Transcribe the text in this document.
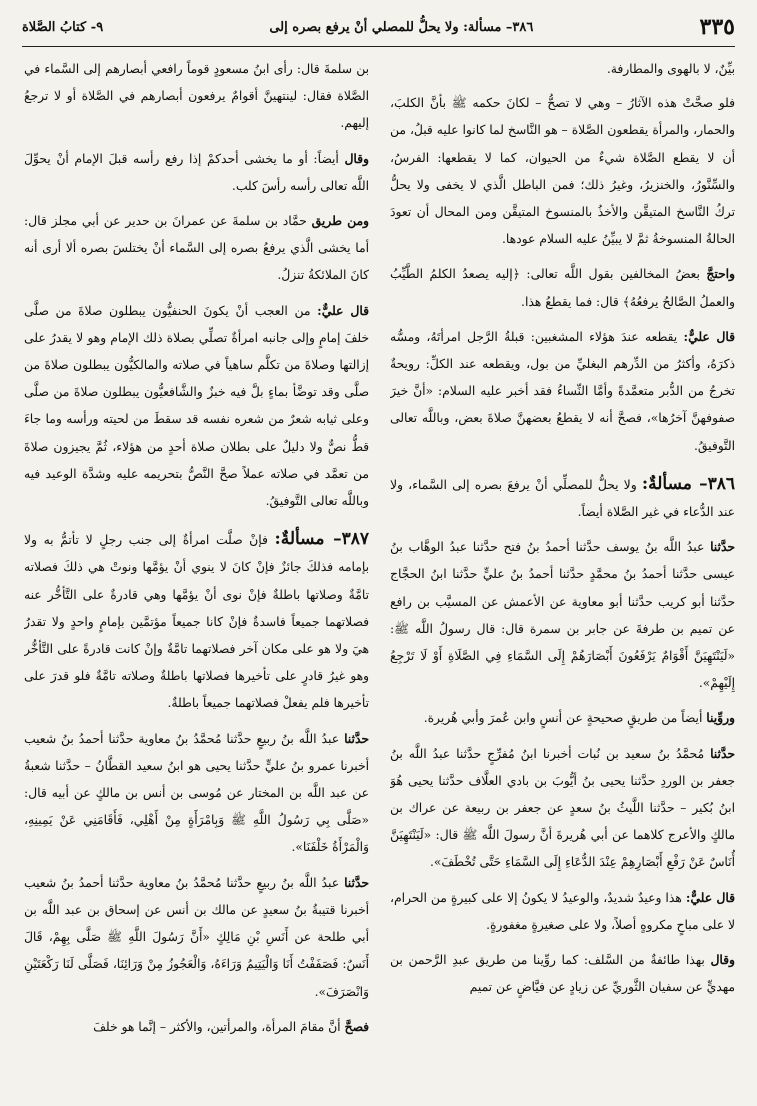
٣٣٥
٣٨٦– مسألة: ولا يحلُّ للمصلي أنْ يرفع بصره إلى
٩- كتابُ الصَّلاة

بيِّنٌ، لا بالهوى والمطارفة.

فلو صحَّتْ هذه الآثارُ – وهي لا تصحُّ – لكانَ حكمه ﷺ بأنَّ الكلبَ، والحمار، والمرأة يقطعون الصَّلاة – هو النَّاسخ لما كانوا عليه قبلُ، من أن لا يقطع الصَّلاة شيءٌ من الحيوان، كما لا يقطعها: الفرسُ، والسِّنَّورُ، والخنزيرُ، وغيرُ ذلك؛ فمن الباطل الَّذي لا يخفى ولا يحلُّ تركُ النَّاسخ المتيقَّن والأخذُ بالمنسوخ المتيقَّن ومن المحال أن تعودَ الحالةُ المنسوخةُ ثمَّ لا يبيِّنُ عليه السلام عودها.

واحتجَّ بعضُ المخالفين بقول اللَّه تعالى: ﴿إليه يصعدُ الكلمُ الطَّيِّبُ والعملُ الصَّالحُ يرفعُهُ﴾ قال: فما يقطعُ هذا.

قال عليٌّ: يقطعه عندَ هؤلاء المشغبين: قبلةُ الرَّجل امرأتَهُ، ومسُّه ذكرَهُ، وأكثرُ من الدِّرهم البغليِّ من بول، ويقطعه عند الكلِّ: رويحةٌ تخرجُ من الدُّبر متعمَّدةً وأمَّا النِّساءُ فقد أخبر عليه السلام: «أنَّ خيرَ صفوفهنَّ آخرُها»، فصحَّ أنه لا يقطعُ بعضهنَّ صلاةَ بعض، وباللَّه تعالى التَّوفيقُ.

٣٨٦– مسألةٌ: ولا يحلُّ للمصلِّي أنْ يرفعَ بصره إلى السَّماء، ولا عند الدُّعاء في غير الصَّلاة أيضاً.

حدَّثنا عبدُ اللَّه بنُ يوسف حدَّثنا أحمدُ بنُ فتح حدَّثنا عبدُ الوهَّاب بنُ عيسى حدَّثنا أحمدُ بنُ محمَّدٍ حدَّثنا أحمدُ بنُ عليٍّ حدَّثنا ابنُ الحجَّاج حدَّثنا أبو كريب حدَّثنا أبو معاوية عن الأعمش عن المسيَّب بن رافع عن تميم بن طرفةَ عن جابر بن سمرة قال: قال رسولُ اللَّه ﷺ: «لَيَنْتَهِيَنَّ أَقْوَامٌ يَرْفَعُونَ أَبْصَارَهُمْ إِلَى السَّمَاءِ فِي الصَّلَاةِ أَوْ لَا تَرْجِعُ إِلَيْهِمْ».

وروِّينا أيضاً من طريقٍ صحيحةٍ عن أنسٍ وابن عُمرَ وأبي هُريرة.

حدَّثنا مُحمَّدُ بنُ سعيد بن نُبات أخبرنا ابنُ مُفرِّجٍ حدَّثنا عبدُ اللَّه بنُ جعفر بن الوردِ حدَّثنا يحيى بنُ أيُّوبَ بن بادي العلَّاف حدَّثنا يحيى هُوَ ابنُ بُكير – حدَّثنا اللَّيثُ بنُ سعدٍ عن جعفر بن ربيعة عن عراك بن مالكٍ والأعرج كلاهما عن أبي هُريرةَ أنَّ رسولَ اللَّه ﷺ قال: «لَيَنْتَهِيَنَّ أُنَاسٌ عَنْ رَفْعِ أَبْصَارِهِمْ عِنْدَ الدُّعَاءِ إِلَى السَّمَاءِ حَتَّى تُخْطَفَ».

قال عليٌّ: هذا وعيدٌ شديدٌ، والوعيدُ لا يكونُ إلا على كبيرةٍ من الحرام، لا على مباحٍ مكروهٍ أصلاً، ولا على صغيرةٍ مغفورةٍ.

وقال بهذا طائفةٌ من السَّلف: كما روِّينا من طريق عبدِ الرَّحمن بن مهديٍّ عن سفيان الثَّوريِّ عن زيادٍ عن فيَّاضٍ عن تميم

بن سلمةَ قال: رأى ابنُ مسعودٍ قوماً رافعي أبصارهم إلى السَّماء في الصَّلاة فقال: لينتهينَّ أقوامٌ يرفعون أبصارهم في الصَّلاة أو لا ترجعُ إليهم.

وقال أيضاً: أو ما يخشى أحدكمْ إذا رفع رأسه قبلَ الإمام أنْ يحوِّلَ اللَّه تعالى رأسه رأسَ كلب.

ومن طريق حمَّاد بن سلمةَ عن عمرانَ بن حدير عن أبي مجلز قال: أما يخشى الَّذي يرفعُ بصره إلى السَّماء أنْ يختلسَ بصره ألا أرى أنه كانَ الملائكةُ تنزلُ.

قال عليٌّ: من العجب أنْ يكونَ الحنفيُّون يبطلون صلاةَ من صلَّى خلفَ إمامٍ وإلى جانبه امرأةٌ تصلِّي بصلاة ذلك الإمام وهو لا يقدرُ على إزالتها وصلاةَ من تكلَّم ساهياً في صلاته والمالكيُّون يبطلون صلاةَ من صلَّى وقد توضَّأ بماءٍ بلَّ فيه خبزٌ والشَّافعيُّون يبطلون صلاةَ من صلَّى وعلى ثيابه شعرٌ من شعره نفسه قد سقطَ من لحيته ورأسه وما جاءَ قطُّ نصٌّ ولا دليلٌ على بطلان صلاة أحدٍ من هؤلاء، ثُمَّ يجيزون صلاةَ من تعمَّد في صلاته عملاً صحَّ النَّصُّ بتحريمه عليه وشدَّة الوعيد فيه وباللَّه تعالى التَّوفيقُ.

٣٨٧– مسألةٌ: فإنْ صلَّت امرأةٌ إلى جنب رجلٍ لا تأتمُّ به ولا بإمامه فذلكَ جائزٌ فإنْ كانَ لا ينوي أنْ يؤمَّها ونوتْ هي ذلكَ فصلاته تامَّةٌ وصلاتها باطلةٌ فإنْ نوى أنْ يؤمَّها وهي قادرةٌ على التَّأخُّر عنه فصلاتهما جميعاً فاسدةٌ فإنْ كانا جميعاً مؤتمَّين بإمامٍ واحدٍ ولا تقدرُ هيَ ولا هو على مكان آخر فصلاتهما تامَّةٌ وإنْ كانت قادرةً على التَّأخُّر وهو غيرُ قادرٍ على تأخيرها فصلاتها باطلةٌ وصلاته تامَّةٌ فلو قدرَ على تأخيرها فلم يفعلْ فصلاتهما جميعاً باطلةٌ.

حدَّثنا عبدُ اللَّه بنُ ربيعٍ حدَّثنا مُحمَّدُ بنُ معاوية حدَّثنا أحمدُ بنُ شعيب أخبرنا عمرو بنُ عليٍّ حدَّثنا يحيى هو ابنُ سعيد القطَّانُ – حدَّثنا شعبةُ عن عبد اللَّه بن المختار عن مُوسى بن أنس بن مالكٍ عن أبيه قال: «صَلَّى بِي رَسُولُ اللَّهِ ﷺ وَبِامْرَأَةٍ مِنْ أَهْلِي، فَأَقَامَنِي عَنْ يَمِينِهِ، وَالْمَرْأَةُ خَلْفَنَا».

حدَّثنا عبدُ اللَّه بنُ ربيعٍ حدَّثنا مُحمَّدُ بنُ معاوية حدَّثنا أحمدُ بنُ شعيب أخبرنا قتيبةُ بنُ سعيدٍ عن مالك بن أنس عن إسحاق بن عبد اللَّه بن أبي طلحة عن أَنَسِ بْنِ مَالِكٍ «أَنَّ رَسُولَ اللَّهِ ﷺ صَلَّى بِهِمْ، قَالَ أَنَسٌ: فَصَفَفْتُ أَنَا وَالْيَتِيمُ وَرَاءَهُ، وَالْعَجُوزُ مِنْ وَرَائِنَا، فَصَلَّى لَنَا رَكْعَتَيْنِ وَانْصَرَفَ».

فصحَّ أنَّ مقامَ المرأة، والمرأتين، والأكثر – إنَّما هو خلفَ
